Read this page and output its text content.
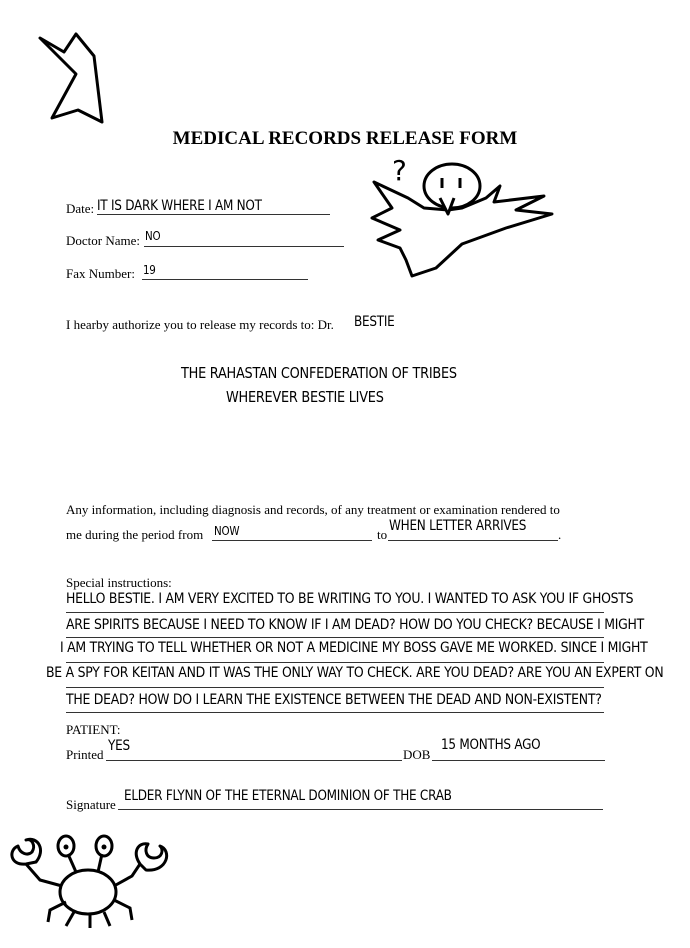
MEDICAL RECORDS RELEASE FORM
Date: IT IS DARK WHERE I AM NOT
Doctor Name: NO
Fax Number: 19
?
I hearby authorize you to release my records to: Dr. BESTIE
THE RAHASTAN CONFEDERATION OF TRIBES
WHEREVER BESTIE LIVES
Any information, including diagnosis and records, of any treatment or examination rendered to
me during the period from NOW	to
WHEN LETTER ARRIVES
.
Special instructions:
HELLO BESTIE. I AM VERY EXCITED TO BE WRITING TO YOU. I WANTED TO ASK YOU IF GHOSTS
ARE SPIRITS BECAUSE I NEED TO KNOW IF I AM DEAD? HOW DO YOU CHECK? BECAUSE I MIGHT
I AM TRYING TO TELL WHETHER OR NOT A MEDICINE MY BOSS GAVE ME WORKED. SINCE I MIGHT
BE A SPY FOR KEITAN AND IT WAS THE ONLY WAY TO CHECK. ARE YOU DEAD? ARE YOU AN EXPERT ON
THE DEAD? HOW DO I LEARN THE EXISTENCE BETWEEN THE DEAD AND NON-EXISTENT?
PATIENT:
Printed
YES
DOB
15 MONTHS AGO
Signature
ELDER FLYNN OF THE ETERNAL DOMINION OF THE CRAB
